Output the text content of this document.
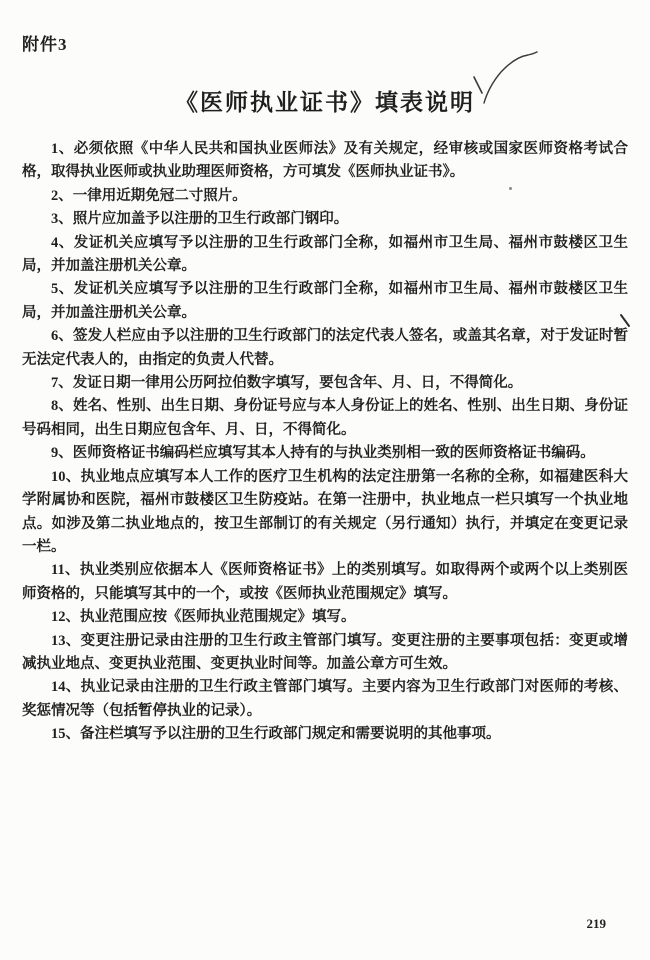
附件3
《医师执业证书》填表说明

1、必须依照《中华人民共和国执业医师法》及有关规定，经审核或国家医师资格考试合格，取得执业医师或执业助理医师资格，方可填发《医师执业证书》。

2、一律用近期免冠二寸照片。

3、照片应加盖予以注册的卫生行政部门钢印。

4、发证机关应填写予以注册的卫生行政部门全称，如福州市卫生局、福州市鼓楼区卫生局，并加盖注册机关公章。

5、发证机关应填写予以注册的卫生行政部门全称，如福州市卫生局、福州市鼓楼区卫生局，并加盖注册机关公章。

6、签发人栏应由予以注册的卫生行政部门的法定代表人签名，或盖其名章，对于发证时暂无法定代表人的，由指定的负责人代替。

7、发证日期一律用公历阿拉伯数字填写，要包含年、月、日，不得简化。

8、姓名、性别、出生日期、身份证号应与本人身份证上的姓名、性别、出生日期、身份证号码相同，出生日期应包含年、月、日，不得简化。

9、医师资格证书编码栏应填写其本人持有的与执业类别相一致的医师资格证书编码。

10、执业地点应填写本人工作的医疗卫生机构的法定注册第一名称的全称，如福建医科大学附属协和医院，福州市鼓楼区卫生防疫站。在第一注册中，执业地点一栏只填写一个执业地点。如涉及第二执业地点的，按卫生部制订的有关规定（另行通知）执行，并填定在变更记录一栏。

11、执业类别应依据本人《医师资格证书》上的类别填写。如取得两个或两个以上类别医师资格的，只能填写其中的一个，或按《医师执业范围规定》填写。

12、执业范围应按《医师执业范围规定》填写。

13、变更注册记录由注册的卫生行政主管部门填写。变更注册的主要事项包括：变更或增减执业地点、变更执业范围、变更执业时间等。加盖公章方可生效。

14、执业记录由注册的卫生行政主管部门填写。主要内容为卫生行政部门对医师的考核、奖惩情况等（包括暂停执业的记录）。

15、备注栏填写予以注册的卫生行政部门规定和需要说明的其他事项。

219
